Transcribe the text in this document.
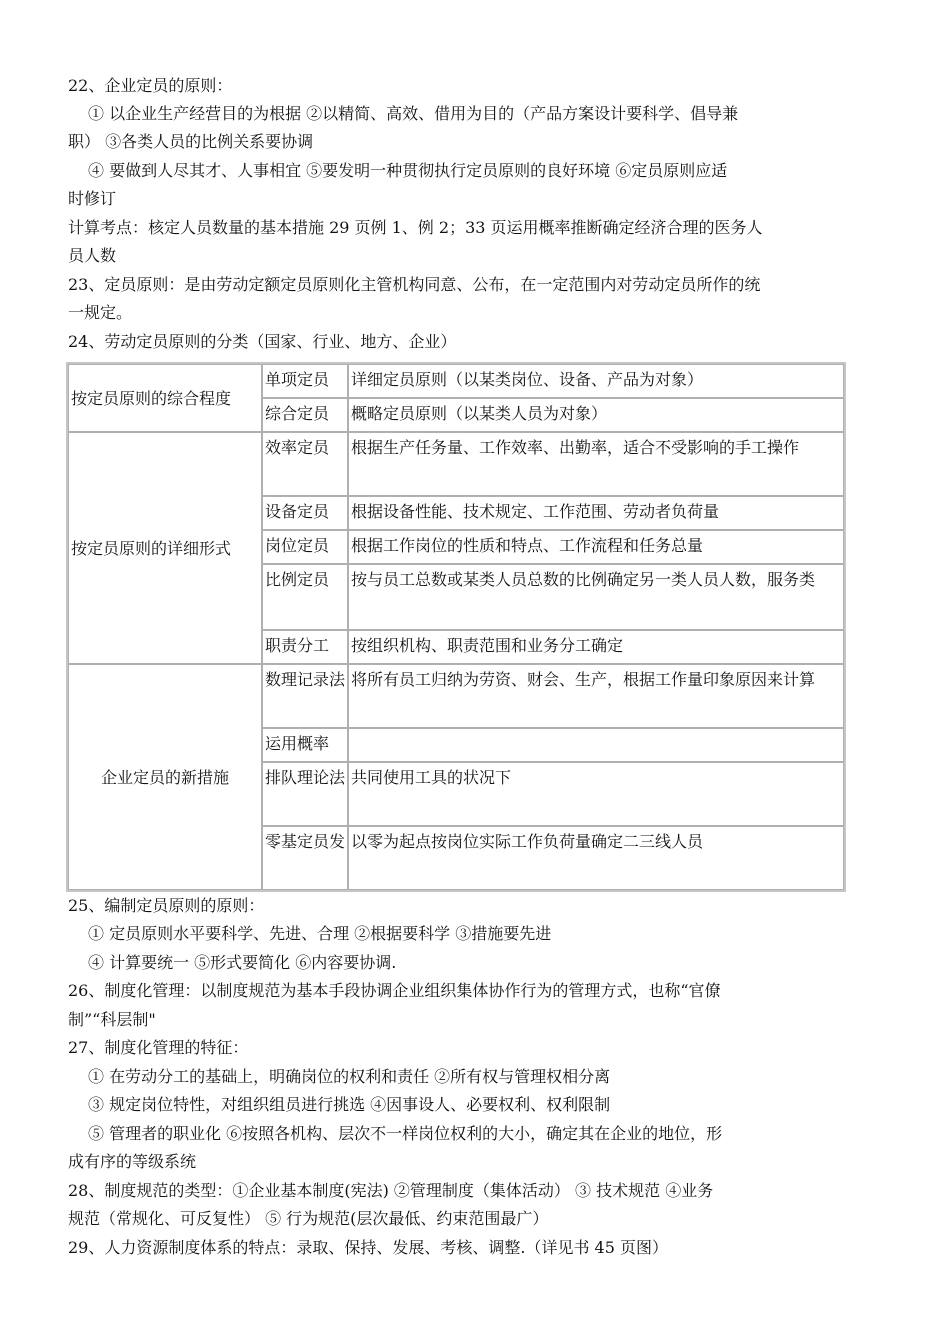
22、企业定员的原则：
① 以企业生产经营目的为根据 ②以精简、高效、借用为目的（产品方案设计要科学、倡导兼
职） ③各类人员的比例关系要协调
④ 要做到人尽其才、人事相宜 ⑤要发明一种贯彻执行定员原则的良好环境 ⑥定员原则应适
时修订
计算考点：核定人员数量的基本措施 29 页例 1、例 2；33 页运用概率推断确定经济合理的医务人
员人数
23、定员原则：是由劳动定额定员原则化主管机构同意、公布，在一定范围内对劳动定员所作的统
一规定。
24、劳动定员原则的分类（国家、行业、地方、企业）
按定员原则的综合程度
单项定员	详细定员原则（以某类岗位、设备、产品为对象）
综合定员	概略定员原则（以某类人员为对象）
按定员原则的详细形式
效率定员	根据生产任务量、工作效率、出勤率，适合不受影响的手工操作
设备定员	根据设备性能、技术规定、工作范围、劳动者负荷量
岗位定员	根据工作岗位的性质和特点、工作流程和任务总量
比例定员	按与员工总数或某类人员总数的比例确定另一类人员人数，服务类
职责分工	按组织机构、职责范围和业务分工确定
企业定员的新措施
数理记录法 将所有员工归纳为劳资、财会、生产，根据工作量印象原因来计算
运用概率
排队理论法 共同使用工具的状况下
零基定员发 以零为起点按岗位实际工作负荷量确定二三线人员
25、编制定员原则的原则：
① 定员原则水平要科学、先进、合理 ②根据要科学 ③措施要先进
④ 计算要统一 ⑤形式要简化 ⑥内容要协调.
26、制度化管理：以制度规范为基本手段协调企业组织集体协作行为的管理方式，也称“官僚
制”“科层制"
27、制度化管理的特征：
① 在劳动分工的基础上，明确岗位的权利和责任 ②所有权与管理权相分离
③ 规定岗位特性，对组织组员进行挑选 ④因事设人、必要权利、权利限制
⑤ 管理者的职业化 ⑥按照各机构、层次不一样岗位权利的大小，确定其在企业的地位，形
成有序的等级系统
28、制度规范的类型：①企业基本制度(宪法) ②管理制度（集体活动） ③ 技术规范 ④业务
规范（常规化、可反复性） ⑤ 行为规范(层次最低、约束范围最广）
29、人力资源制度体系的特点：录取、保持、发展、考核、调整.（详见书 45 页图）
